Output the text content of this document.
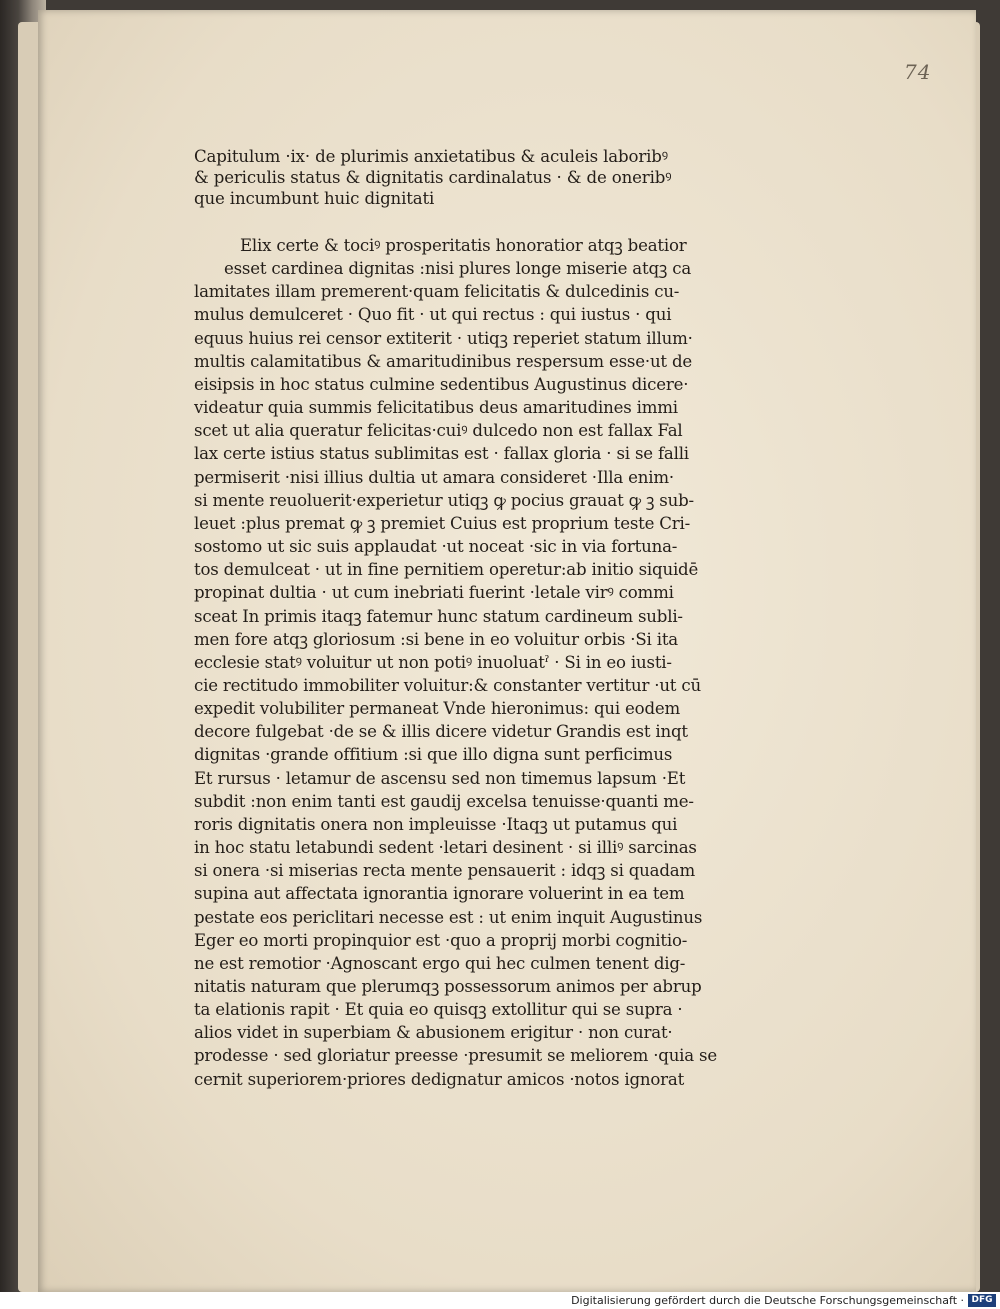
74

Capitulum ·ix· de plurimis anxietatibus & aculeis laboribꝰ

& periculis status & dignitatis cardinalatus · & de oneribꝰ

que incumbunt huic dignitati

Elix certe & tociꝰ prosperitatis honoratior atqꝫ beatior

esset cardinea dignitas :nisi plures longe miserie atqꝫ ca

lamitates illam premerent·quam felicitatis & dulcedinis cu-

mulus demulceret · Quo fit · ut qui rectus : qui iustus · qui

equus huius rei censor extiterit · utiqꝫ reperiet statum illum·

multis calamitatibus & amaritudinibus respersum esse·ut de

eisipsis in hoc status culmine sedentibus Augustinus dicere·

videatur quia summis felicitatibus deus amaritudines immi

scet ut alia queratur felicitas·cuiꝰ dulcedo non est fallax Fal

lax certe istius status sublimitas est · fallax gloria · si se falli

permiserit ·nisi illius dultia ut amara consideret ·Illa enim·

si mente reuoluerit·experietur utiqꝫ ꝙ pocius grauat ꝙ ꝫ sub-

leuet :plus premat ꝙ ꝫ premiet Cuius est proprium teste Cri-

sostomo ut sic suis applaudat ·ut noceat ·sic in via fortuna-

tos demulceat · ut in fine pernitiem operetur:ab initio siquidē

propinat dultia · ut cum inebriati fuerint ·letale virꝰ commi

sceat In primis itaqꝫ fatemur hunc statum cardineum subli-

men fore atqꝫ gloriosum :si bene in eo voluitur orbis ·Si ita

ecclesie statꝰ voluitur ut non potiꝰ inuoluatˀ · Si in eo iusti-

cie rectitudo immobiliter voluitur:& constanter vertitur ·ut cū

expedit volubiliter permaneat Vnde hieronimus: qui eodem

decore fulgebat ·de se & illis dicere videtur Grandis est inqt

dignitas ·grande offitium :si que illo digna sunt perficimus

Et rursus · letamur de ascensu sed non timemus lapsum ·Et

subdit :non enim tanti est gaudij excelsa tenuisse·quanti me-

roris dignitatis onera non impleuisse ·Itaqꝫ ut putamus qui

in hoc statu letabundi sedent ·letari desinent · si illiꝰ sarcinas

si onera ·si miserias recta mente pensauerit : idqꝫ si quadam

supina aut affectata ignorantia ignorare voluerint in ea tem

pestate eos periclitari necesse est : ut enim inquit Augustinus

Eger eo morti propinquior est ·quo a proprij morbi cognitio-

ne est remotior ·Agnoscant ergo qui hec culmen tenent dig-

nitatis naturam que plerumqꝫ possessorum animos per abrup

ta elationis rapit · Et quia eo quisqꝫ extollitur qui se supra ·

alios videt in superbiam & abusionem erigitur · non curat·

prodesse · sed gloriatur preesse ·presumit se meliorem ·quia se

cernit superiorem·priores dedignatur amicos ·notos ignorat

Digitalisierung gefördert durch die Deutsche Forschungsgemeinschaft · DFG
